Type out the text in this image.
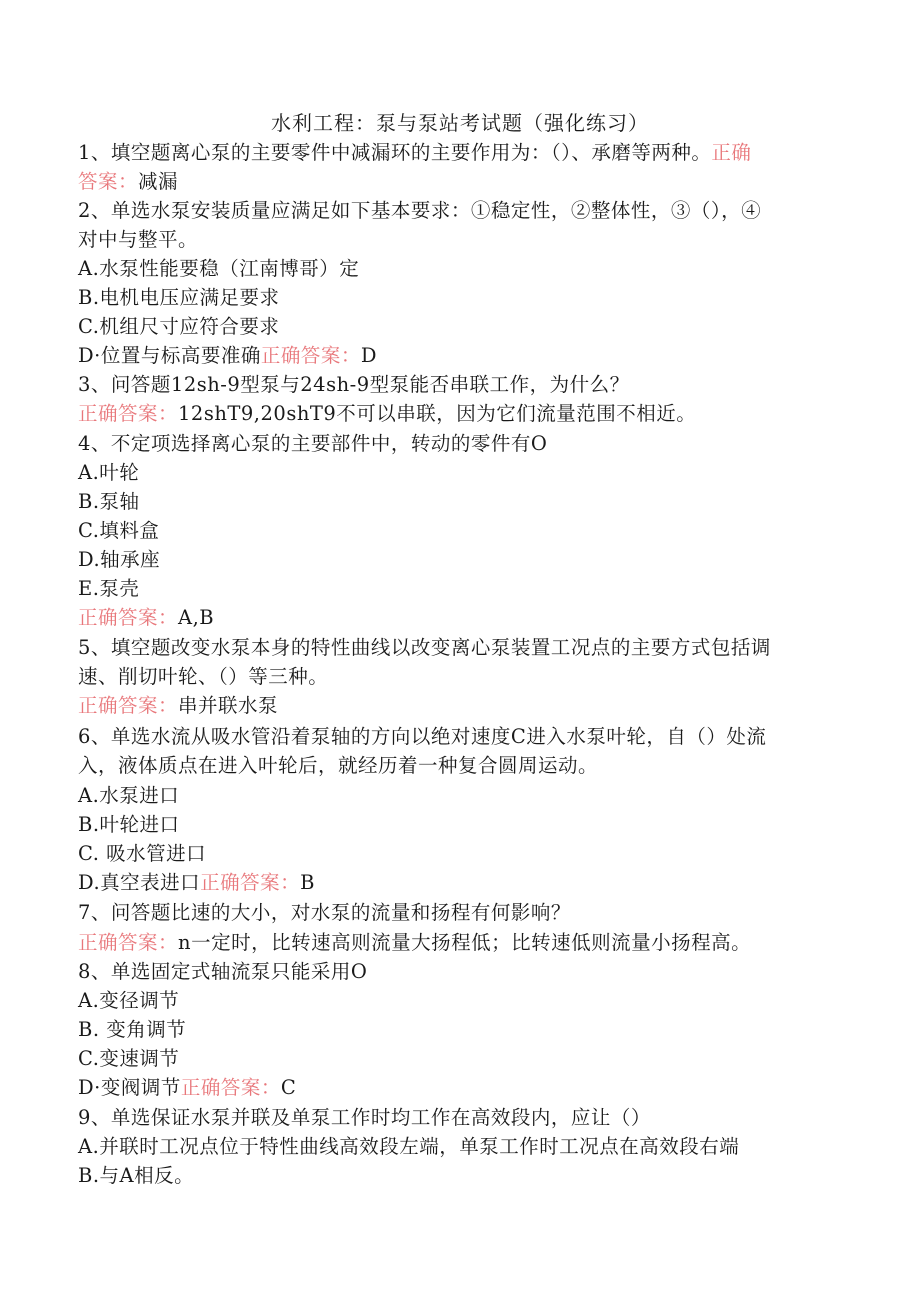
水利工程：泵与泵站考试题（强化练习）
1、填空题离心泵的主要零件中减漏环的主要作用为：（）、承磨等两种。正确
答案：减漏
2、单选水泵安装质量应满足如下基本要求：①稳定性，②整体性，③（），④
对中与整平。
A.水泵性能要稳（江南博哥）定
B.电机电压应满足要求
C.机组尺寸应符合要求
D·位置与标高要准确正确答案：D
3、问答题12sh-9型泵与24sh-9型泵能否串联工作，为什么？
正确答案：12shT9,20shT9不可以串联，因为它们流量范围不相近。
4、不定项选择离心泵的主要部件中，转动的零件有O
A.叶轮
B.泵轴
C.填料盒
D.轴承座
E.泵壳
正确答案：A,B
5、填空题改变水泵本身的特性曲线以改变离心泵装置工况点的主要方式包括调
速、削切叶轮、（）等三种。
正确答案：串并联水泵
6、单选水流从吸水管沿着泵轴的方向以绝对速度C进入水泵叶轮，自（）处流
入，液体质点在进入叶轮后，就经历着一种复合圆周运动。
A.水泵进口
B.叶轮进口
C. 吸水管进口
D.真空表进口正确答案：B
7、问答题比速的大小，对水泵的流量和扬程有何影响？
正确答案：n一定时，比转速高则流量大扬程低；比转速低则流量小扬程高。
8、单选固定式轴流泵只能采用O
A.变径调节
B. 变角调节
C.变速调节
D·变阀调节正确答案：C
9、单选保证水泵并联及单泵工作时均工作在高效段内，应让（）
A.并联时工况点位于特性曲线高效段左端，单泵工作时工况点在高效段右端
B.与A相反。
